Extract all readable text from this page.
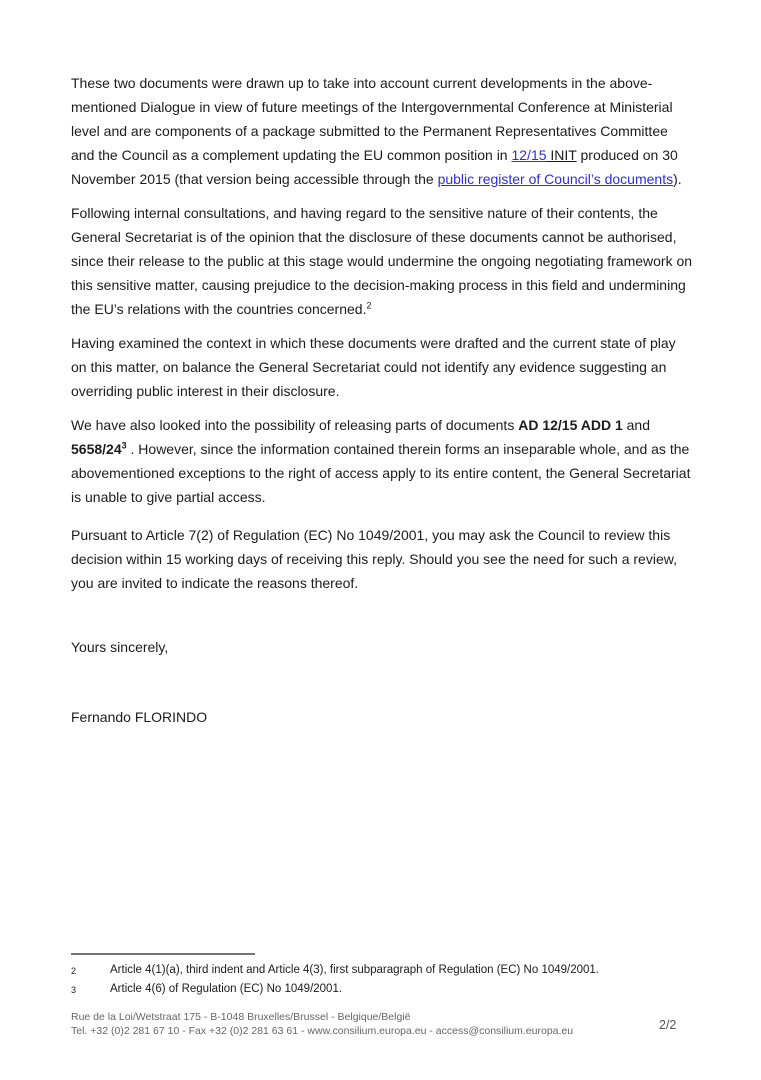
These two documents were drawn up to take into account current developments in the above-mentioned Dialogue in view of future meetings of the Intergovernmental Conference at Ministerial level and are components of a package submitted to the Permanent Representatives Committee and the Council as a complement updating the EU common position in 12/15 INIT produced on 30 November 2015 (that version being accessible through the public register of Council’s documents).

Following internal consultations, and having regard to the sensitive nature of their contents, the General Secretariat is of the opinion that the disclosure of these documents cannot be authorised, since their release to the public at this stage would undermine the ongoing negotiating framework on this sensitive matter, causing prejudice to the decision-making process in this field and undermining the EU’s relations with the countries concerned.$^2$

Having examined the context in which these documents were drafted and the current state of play on this matter, on balance the General Secretariat could not identify any evidence suggesting an overriding public interest in their disclosure.

We have also looked into the possibility of releasing parts of documents AD 12/15 ADD 1 and 5658/24$^3$ . However, since the information contained therein forms an inseparable whole, and as the abovementioned exceptions to the right of access apply to its entire content, the General Secretariat is unable to give partial access.

Pursuant to Article 7(2) of Regulation (EC) No 1049/2001, you may ask the Council to review this decision within 15 working days of receiving this reply. Should you see the need for such a review, you are invited to indicate the reasons thereof.

Yours sincerely,

Fernando FLORINDO

2	Article 4(1)(a), third indent and Article 4(3), first subparagraph of Regulation (EC) No 1049/2001.
3	Article 4(6) of Regulation (EC) No 1049/2001.
Rue de la Loi/Wetstraat 175 - B-1048 Bruxelles/Brussel - Belgique/België
Tel. +32 (0)2 281 67 10 - Fax +32 (0)2 281 63 61 - www.consilium.europa.eu - access@consilium.europa.eu	2/2
